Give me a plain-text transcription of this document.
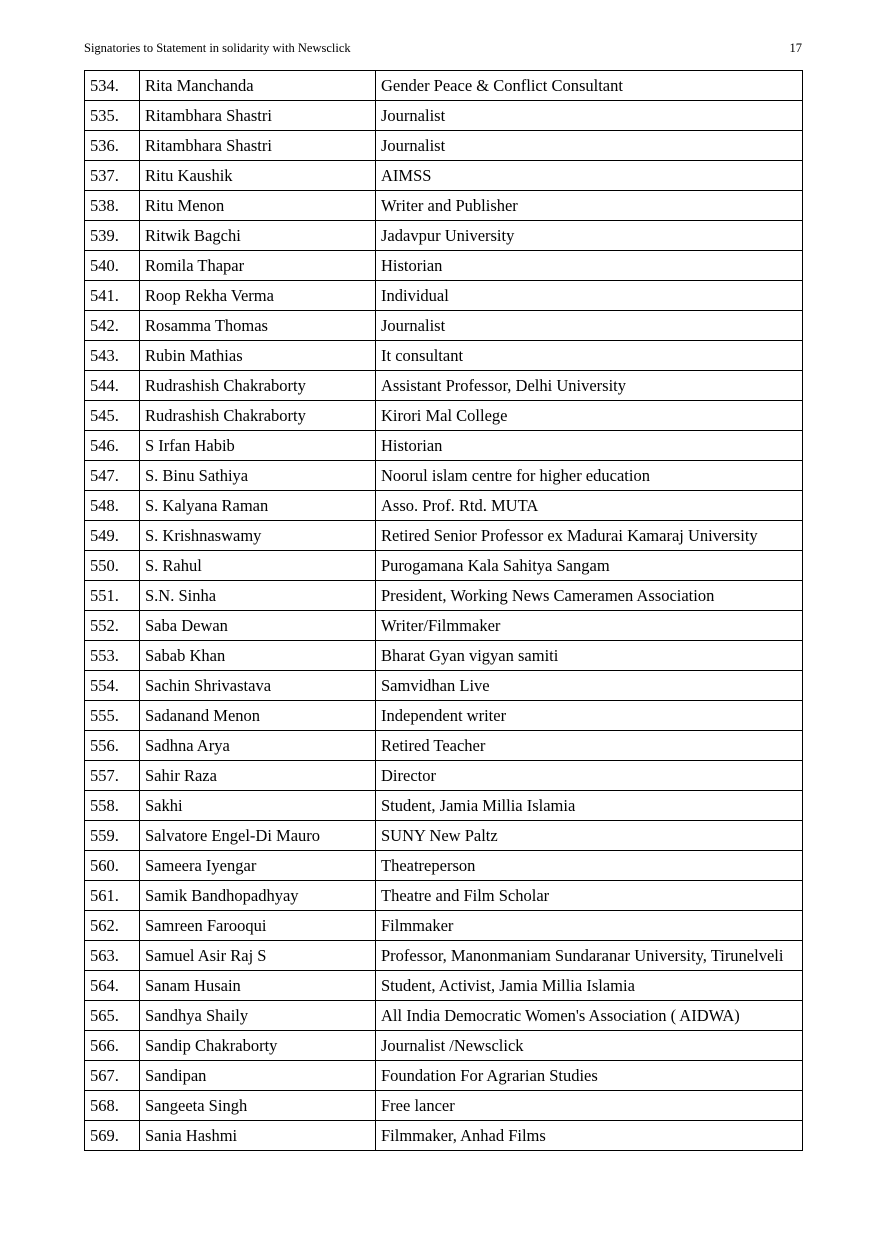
Signatories to Statement in solidarity with Newsclick	17
534.	Rita Manchanda	Gender Peace & Conflict Consultant
535.	Ritambhara Shastri	Journalist
536.	Ritambhara Shastri	Journalist
537.	Ritu Kaushik	AIMSS
538.	Ritu Menon	Writer and Publisher
539.	Ritwik Bagchi	Jadavpur University
540.	Romila Thapar	Historian
541.	Roop Rekha Verma	Individual
542.	Rosamma Thomas	Journalist
543.	Rubin Mathias	It consultant
544.	Rudrashish Chakraborty	Assistant Professor, Delhi University
545.	Rudrashish Chakraborty	Kirori Mal College
546.	S Irfan Habib	Historian
547.	S. Binu Sathiya	Noorul islam centre for higher education
548.	S. Kalyana Raman	Asso. Prof. Rtd. MUTA
549.	S. Krishnaswamy	Retired Senior Professor ex Madurai Kamaraj University
550.	S. Rahul	Purogamana Kala Sahitya Sangam
551.	S.N. Sinha	President, Working News Cameramen Association
552.	Saba Dewan	Writer/Filmmaker
553.	Sabab Khan	Bharat Gyan vigyan samiti
554.	Sachin Shrivastava	Samvidhan Live
555.	Sadanand Menon	Independent writer
556.	Sadhna Arya	Retired Teacher
557.	Sahir Raza	Director
558.	Sakhi	Student, Jamia Millia Islamia
559.	Salvatore Engel-Di Mauro	SUNY New Paltz
560.	Sameera Iyengar	Theatreperson
561.	Samik Bandhopadhyay	Theatre and Film Scholar
562.	Samreen Farooqui	Filmmaker
563.	Samuel Asir Raj S	Professor, Manonmaniam Sundaranar University, Tirunelveli
564.	Sanam Husain	Student, Activist, Jamia Millia Islamia
565.	Sandhya Shaily	All India Democratic Women's Association ( AIDWA)
566.	Sandip Chakraborty	Journalist /Newsclick
567.	Sandipan	Foundation For Agrarian Studies
568.	Sangeeta Singh	Free lancer
569.	Sania Hashmi	Filmmaker, Anhad Films
